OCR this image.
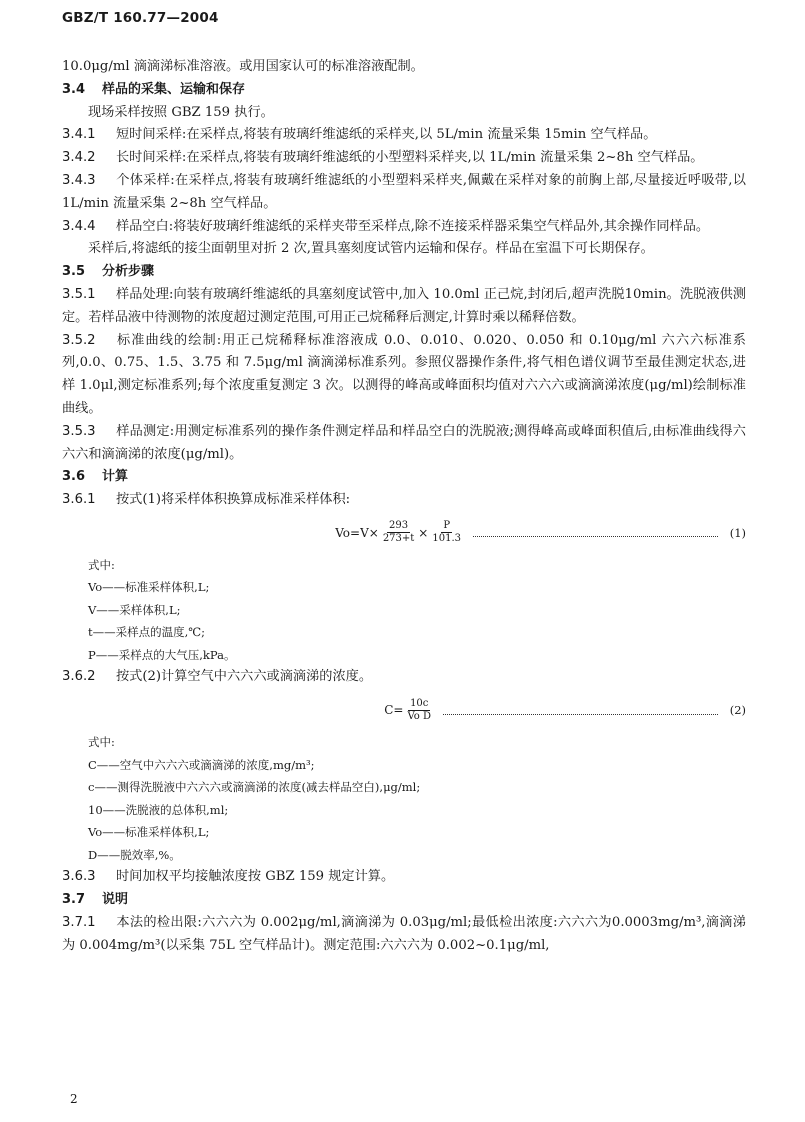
GBZ/T 160.77—2004

10.0μg/ml 滴滴涕标准溶液。或用国家认可的标准溶液配制。

3.4 样品的采集、运输和保存

现场采样按照 GBZ 159 执行。

3.4.1 短时间采样:在采样点,将装有玻璃纤维滤纸的采样夹,以 5L/min 流量采集 15min 空气样品。

3.4.2 长时间采样:在采样点,将装有玻璃纤维滤纸的小型塑料采样夹,以 1L/min 流量采集 2~8h 空气样品。

3.4.3 个体采样:在采样点,将装有玻璃纤维滤纸的小型塑料采样夹,佩戴在采样对象的前胸上部,尽量接近呼吸带,以 1L/min 流量采集 2~8h 空气样品。

3.4.4 样品空白:将装好玻璃纤维滤纸的采样夹带至采样点,除不连接采样器采集空气样品外,其余操作同样品。

采样后,将滤纸的接尘面朝里对折 2 次,置具塞刻度试管内运输和保存。样品在室温下可长期保存。

3.5 分析步骤

3.5.1 样品处理:向装有玻璃纤维滤纸的具塞刻度试管中,加入 10.0ml 正己烷,封闭后,超声洗脱10min。洗脱液供测定。若样品液中待测物的浓度超过测定范围,可用正己烷稀释后测定,计算时乘以稀释倍数。

3.5.2 标准曲线的绘制:用正己烷稀释标准溶液成 0.0、0.010、0.020、0.050 和 0.10μg/ml 六六六标准系列,0.0、0.75、1.5、3.75 和 7.5μg/ml 滴滴涕标准系列。参照仪器操作条件,将气相色谱仪调节至最佳测定状态,进样 1.0μl,测定标准系列;每个浓度重复测定 3 次。以测得的峰高或峰面积均值对六六六或滴滴涕浓度(μg/ml)绘制标准曲线。

3.5.3 样品测定:用测定标准系列的操作条件测定样品和样品空白的洗脱液;测得峰高或峰面积值后,由标准曲线得六六六和滴滴涕的浓度(μg/ml)。

3.6 计算

3.6.1 按式(1)将采样体积换算成标准采样体积:

$Vo=V\times \frac{293}{273+t} \times \frac{P}{101.3}$	(1)
式中:
Vo——标准采样体积,L;
V——采样体积,L;
t——采样点的温度,℃;
P——采样点的大气压,kPa。

3.6.2 按式(2)计算空气中六六六或滴滴涕的浓度。

$C= \frac{10c}{\text{Vo D}}$	(2)
式中:
C——空气中六六六或滴滴涕的浓度,mg/m³;
c——测得洗脱液中六六六或滴滴涕的浓度(减去样品空白),μg/ml;
10——洗脱液的总体积,ml;
Vo——标准采样体积,L;
D——脱效率,%。

3.6.3 时间加权平均接触浓度按 GBZ 159 规定计算。

3.7 说明

3.7.1 本法的检出限:六六六为 0.002μg/ml,滴滴涕为 0.03μg/ml;最低检出浓度:六六六为0.0003mg/m³,滴滴涕为 0.004mg/m³(以采集 75L 空气样品计)。测定范围:六六六为 0.002~0.1μg/ml,

2
